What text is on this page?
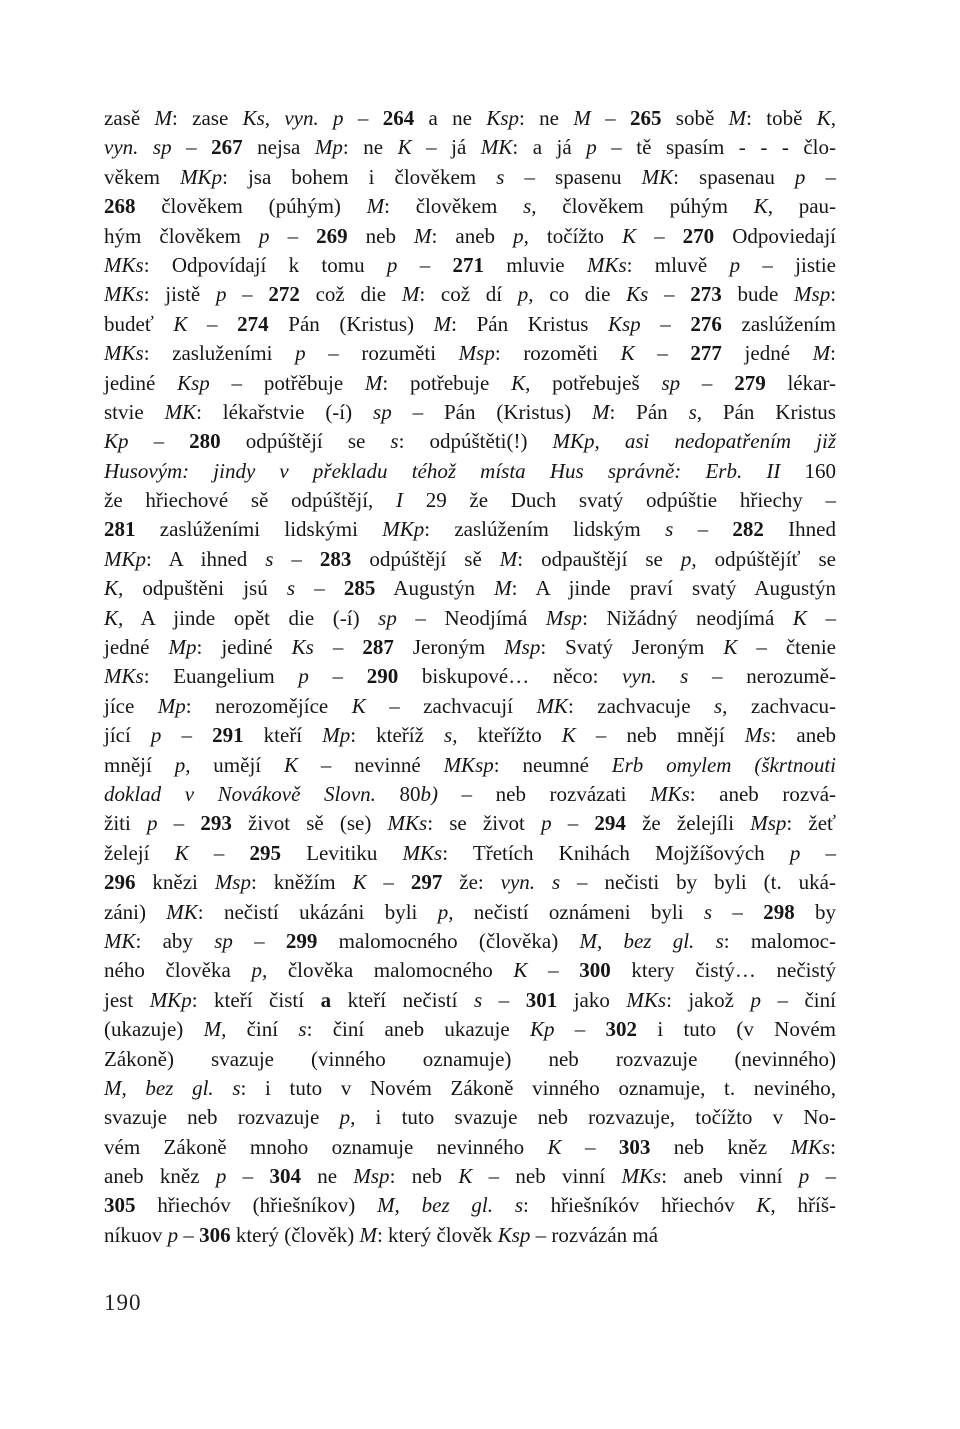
zasě M: zase Ks, vyn. p – 264 a ne Ksp: ne M – 265 sobě M: tobě K,
vyn. sp – 267 nejsa Mp: ne K – já MK: a já p – tě spasím - - - člo-
věkem MKp: jsa bohem i člověkem s – spasenu MK: spasenau p –
268 člověkem (púhým) M: člověkem s, člověkem púhým K, pau-
hým člověkem p – 269 neb M: aneb p, točížto K – 270 Odpoviedají
MKs: Odpovídají k tomu p – 271 mluvie MKs: mluvě p – jistie
MKs: jistě p – 272 což die M: což dí p, co die Ks – 273 bude Msp:
budeť K – 274 Pán (Kristus) M: Pán Kristus Ksp – 276 zaslúžením
MKs: zasluženími p – rozuměti Msp: rozoměti K – 277 jedné M:
jediné Ksp – potřěbuje M: potřebuje K, potřebuješ sp – 279 lékar-
stvie MK: lékařstvie (-í) sp – Pán (Kristus) M: Pán s, Pán Kristus
Kp – 280 odpúštějí se s: odpúštěti(!) MKp, asi nedopatřením již
Husovým: jindy v překladu téhož místa Hus správně: Erb. II 160
že hřiechové sě odpúštějí, I 29 že Duch svatý odpúštie hřiechy –
281 zaslúženími lidskými MKp: zaslúžením lidským s – 282 Ihned
MKp: A ihned s – 283 odpúštějí sě M: odpauštějí se p, odpúštějíť se
K, odpuštěni jsú s – 285 Augustýn M: A jinde praví svatý Augustýn
K, A jinde opět die (-í) sp – Neodjímá Msp: Nižádný neodjímá K –
jedné Mp: jediné Ks – 287 Jeroným Msp: Svatý Jeroným K – čtenie
MKs: Euangelium p – 290 biskupové… něco: vyn. s – nerozumě-
jíce Mp: nerozomějíce K – zachvacují MK: zachvacuje s, zachvacu-
jící p – 291 kteří Mp: kteříž s, kteřížto K – neb mnějí Ms: aneb
mnějí p, umějí K – nevinné MKsp: neumné Erb omylem (škrtnouti
doklad v Novákově Slovn. 80b) – neb rozvázati MKs: aneb rozvá-
žiti p – 293 život sě (se) MKs: se život p – 294 že želejíli Msp: žeť
želejí K – 295 Levitiku MKs: Třetích Knihách Mojžíšových p –
296 knězi Msp: kněžím K – 297 že: vyn. s – nečisti by byli (t. uká-
záni) MK: nečistí ukázáni byli p, nečistí oznámeni byli s – 298 by
MK: aby sp – 299 malomocného (člověka) M, bez gl. s: malomoc-
ného člověka p, člověka malomocného K – 300 ktery čistý… nečistý
jest MKp: kteří čistí a kteří nečistí s – 301 jako MKs: jakož p – činí
(ukazuje) M, činí s: činí aneb ukazuje Kp – 302 i tuto (v Novém
Zákoně) svazuje (vinného oznamuje) neb rozvazuje (nevinného)
M, bez gl. s: i tuto v Novém Zákoně vinného oznamuje, t. neviného,
svazuje neb rozvazuje p, i tuto svazuje neb rozvazuje, točížto v No-
vém Zákoně mnoho oznamuje nevinného K – 303 neb kněz MKs:
aneb kněz p – 304 ne Msp: neb K – neb vinní MKs: aneb vinní p –
305 hřiechóv (hřiešníkov) M, bez gl. s: hřiešníkóv hřiechóv K, hříš-
níkuov p – 306 který (člověk) M: který člověk Ksp – rozvázán má
190
